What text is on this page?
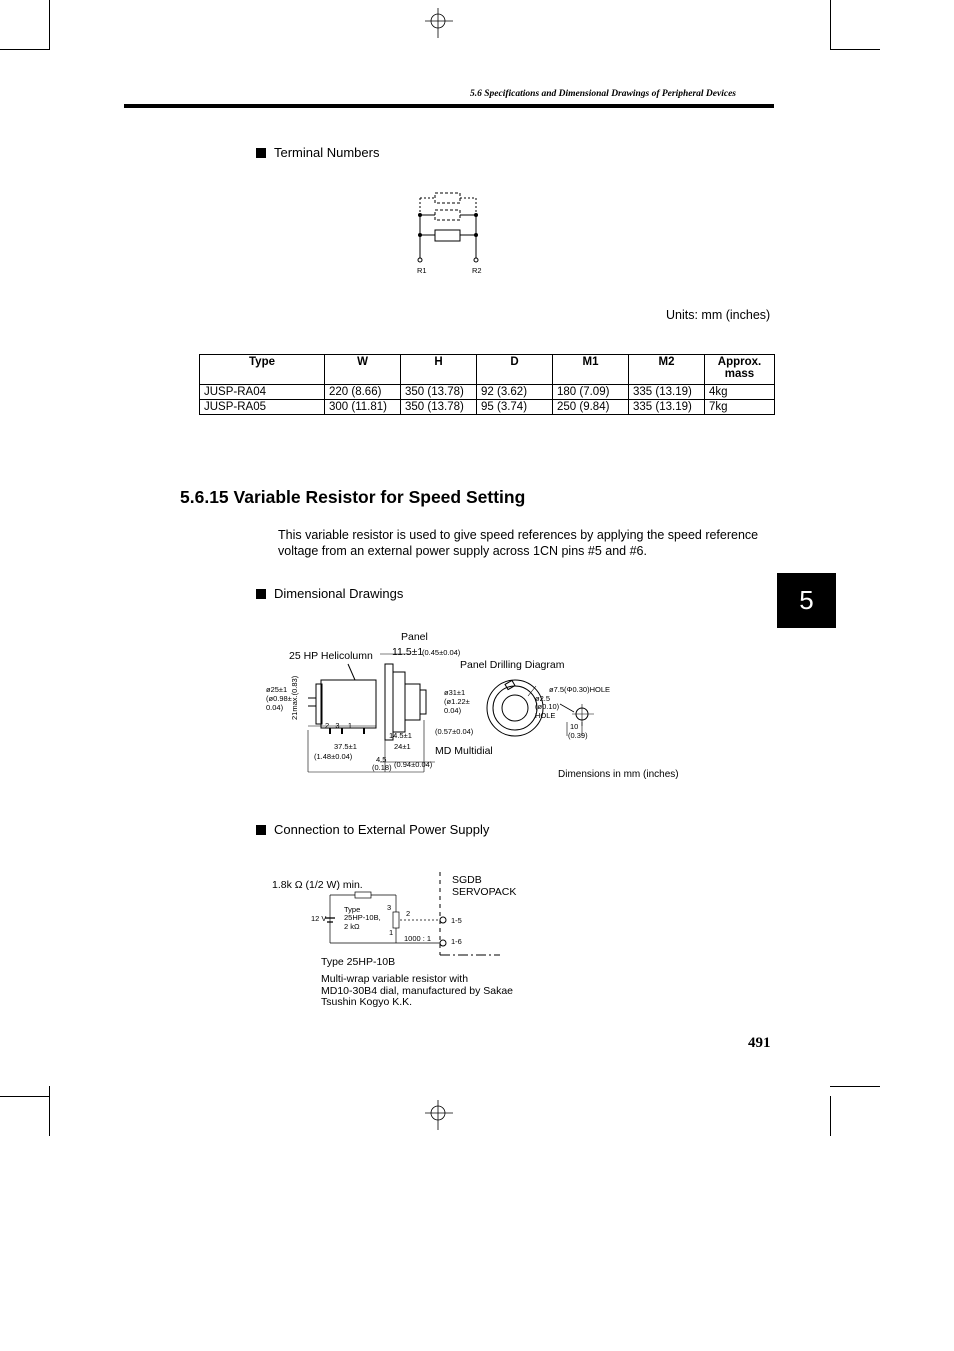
5.6 Specifications and Dimensional Drawings of Peripheral Devices
Terminal Numbers
R1	R2
Units: mm (inches)
Type	W	H	D	M1	M2	Approx. mass
JUSP-RA04	220 (8.66)	350 (13.78)	92 (3.62)	180 (7.09)	335 (13.19)	4kg
JUSP-RA05	300 (11.81)	350 (13.78)	95 (3.74)	250 (9.84)	335 (13.19)	7kg
5.6.15 Variable Resistor for Speed Setting
This variable resistor is used to give speed references by applying the speed reference voltage from an external power supply across 1CN pins #5 and #6.
5
Dimensional Drawings
Panel
25 HP Helicolumn
Panel Drilling Diagram
11.5±1
(0.45±0.04)
ø25±1
(ø0.98±
0.04) 21max.(0.83)	ø31±1
(ø1.22±
0.04)
ø7.5(Φ0.30)HOLE
ø2.5
(ø0.10)
HOLE
2   3    1
14.5±1	(0.57±0.04)
37.5±1	24±1 MD Multidial
(1.48±0.04)	4.5
(0.18) (0.94±0.04)
10
(0.39)
Dimensions in mm (inches)
Connection to External Power Supply
1.8k Ω (1/2 W) min.	SGDB
SERVOPACK
Type
25HP-10B,
2 kΩ
12 V
3
2
1
1000 : 1
1-5
1-6
Type 25HP-10B
Multi-wrap variable resistor with
MD10-30B4 dial, manufactured by Sakae
Tsushin Kogyo K.K.
491
